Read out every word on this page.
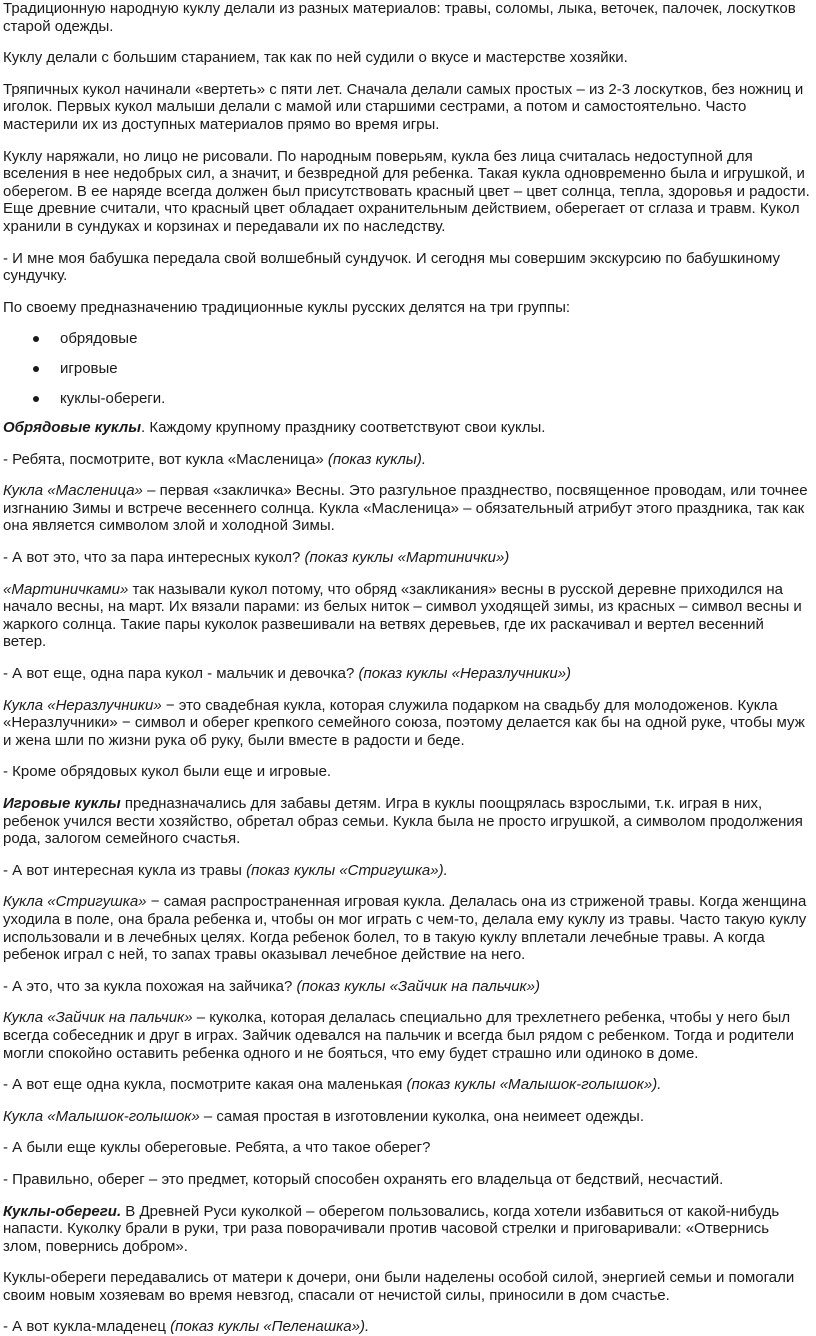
Традиционную народную куклу делали из разных материалов: травы, соломы, лыка, веточек, палочек, лоскутков старой одежды.

Куклу делали с большим старанием, так как по ней судили о вкусе и мастерстве хозяйки.

Тряпичных кукол начинали «вертеть» с пяти лет. Сначала делали самых простых – из 2-3 лоскутков, без ножниц и иголок. Первых кукол малыши делали с мамой или старшими сестрами, а потом и самостоятельно. Часто мастерили их из доступных материалов прямо во время игры.

Куклу наряжали, но лицо не рисовали. По народным поверьям, кукла без лица считалась недоступной для вселения в нее недобрых сил, а значит, и безвредной для ребенка. Такая кукла одновременно была и игрушкой, и оберегом. В ее наряде всегда должен был присутствовать красный цвет – цвет солнца, тепла, здоровья и радости. Еще древние считали, что красный цвет обладает охранительным действием, оберегает от сглаза и травм. Кукол хранили в сундуках и корзинах и передавали их по наследству.

- И мне моя бабушка передала свой волшебный сундучок. И сегодня мы совершим экскурсию по бабушкиному сундучку.

По своему предназначению традиционные куклы русских делятся на три группы:

обрядовые
игровые
куклы-обереги.

Обрядовые куклы. Каждому крупному празднику соответствуют свои куклы.

- Ребята, посмотрите, вот кукла «Масленица» (показ куклы).

Кукла «Масленица» – первая «закличка» Весны. Это разгульное празднество, посвященное проводам, или точнее изгнанию Зимы и встрече весеннего солнца. Кукла «Масленица» – обязательный атрибут этого праздника, так как она является символом злой и холодной Зимы.

- А вот это, что за пара интересных кукол? (показ куклы «Мартинички»)

«Мартиничками» так называли кукол потому, что обряд «закликания» весны в русской деревне приходился на начало весны, на март. Их вязали парами: из белых ниток – символ уходящей зимы, из красных – символ весны и жаркого солнца. Такие пары куколок развешивали на ветвях деревьев, где их раскачивал и вертел весенний ветер.

- А вот еще, одна пара кукол - мальчик и девочка? (показ куклы «Неразлучники»)

Кукла «Неразлучники» − это свадебная кукла, которая служила подарком на свадьбу для молодоженов. Кукла «Неразлучники» − символ и оберег крепкого семейного союза, поэтому делается как бы на одной руке, чтобы муж и жена шли по жизни рука об руку, были вместе в радости и беде.

- Кроме обрядовых кукол были еще и игровые.

Игровые куклы предназначались для забавы детям. Игра в куклы поощрялась взрослыми, т.к. играя в них, ребенок учился вести хозяйство, обретал образ семьи. Кукла была не просто игрушкой, а символом продолжения рода, залогом семейного счастья.

- А вот интересная кукла из травы (показ куклы «Стригушка»).

Кукла «Стригушка» − самая распространенная игровая кукла. Делалась она из стриженой травы. Когда женщина уходила в поле, она брала ребенка и, чтобы он мог играть с чем-то, делала ему куклу из травы. Часто такую куклу использовали и в лечебных целях. Когда ребенок болел, то в такую куклу вплетали лечебные травы. А когда ребенок играл с ней, то запах травы оказывал лечебное действие на него.

- А это, что за кукла похожая на зайчика? (показ куклы «Зайчик на пальчик»)

Кукла «Зайчик на пальчик» – куколка, которая делалась специально для трехлетнего ребенка, чтобы у него был всегда собеседник и друг в играх. Зайчик одевался на пальчик и всегда был рядом с ребенком. Тогда и родители могли спокойно оставить ребенка одного и не бояться, что ему будет страшно или одиноко в доме.

- А вот еще одна кукла, посмотрите какая она маленькая (показ куклы «Малышок-голышок»).

Кукла «Малышок-голышок» – самая простая в изготовлении куколка, она неимеет одежды.

- А были еще куклы обереговые. Ребята, а что такое оберег?

- Правильно, оберег – это предмет, который способен охранять его владельца от бедствий, несчастий.

Куклы-обереги. В Древней Руси куколкой – оберегом пользовались, когда хотели избавиться от какой-нибудь напасти. Куколку брали в руки, три раза поворачивали против часовой стрелки и приговаривали: «Отвернись злом, повернись добром».

Куклы-обереги передавались от матери к дочери, они были наделены особой силой, энергией семьи и помогали своим новым хозяевам во время невзгод, спасали от нечистой силы, приносили в дом счастье.

- А вот кукла-младенец (показ куклы «Пеленашка»).
